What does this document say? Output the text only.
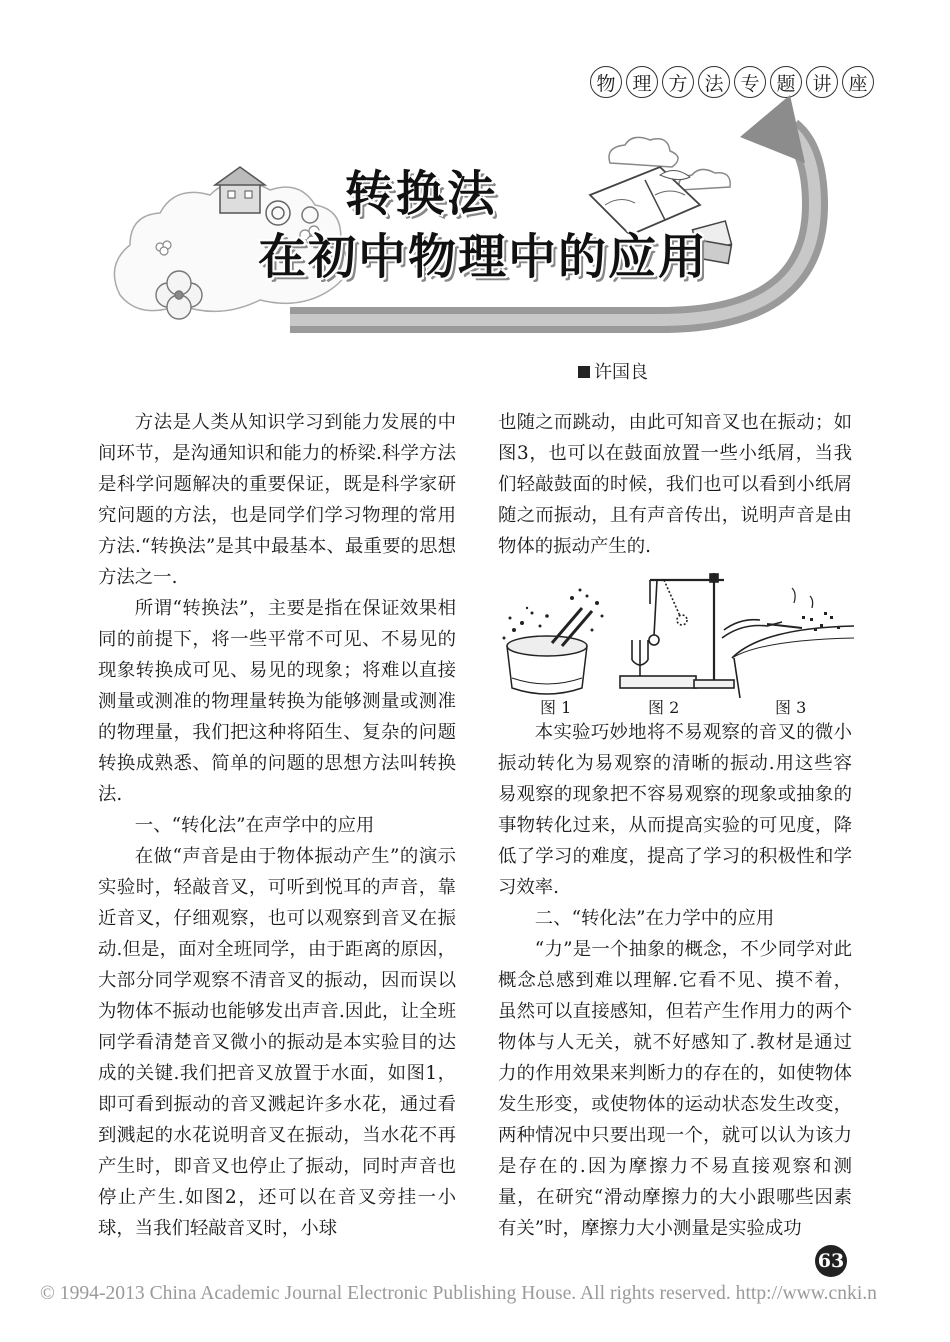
物 理 方 法 专 题 讲 座
转换法
在初中物理中的应用
许国良

方法是人类从知识学习到能力发展的中间环节，是沟通知识和能力的桥梁.科学方法是科学问题解决的重要保证，既是科学家研究问题的方法，也是同学们学习物理的常用方法.“转换法”是其中最基本、最重要的思想方法之一.

所谓“转换法”，主要是指在保证效果相同的前提下，将一些平常不可见、不易见的现象转换成可见、易见的现象；将难以直接测量或测准的物理量转换为能够测量或测准的物理量，我们把这种将陌生、复杂的问题转换成熟悉、简单的问题的思想方法叫转换法.

一、“转化法”在声学中的应用

在做“声音是由于物体振动产生”的演示实验时，轻敲音叉，可听到悦耳的声音，靠近音叉，仔细观察，也可以观察到音叉在振动.但是，面对全班同学，由于距离的原因，大部分同学观察不清音叉的振动，因而误以为物体不振动也能够发出声音.因此，让全班同学看清楚音叉微小的振动是本实验目的达成的关键.我们把音叉放置于水面，如图1，即可看到振动的音叉溅起许多水花，通过看到溅起的水花说明音叉在振动，当水花不再产生时，即音叉也停止了振动，同时声音也停止产生.如图2，还可以在音叉旁挂一小球，当我们轻敲音叉时，小球

也随之而跳动，由此可知音叉也在振动；如图3，也可以在鼓面放置一些小纸屑，当我们轻敲鼓面的时候，我们也可以看到小纸屑随之而振动，且有声音传出，说明声音是由物体的振动产生的.

图 1	图 2	图 3

本实验巧妙地将不易观察的音叉的微小振动转化为易观察的清晰的振动.用这些容易观察的现象把不容易观察的现象或抽象的事物转化过来，从而提高实验的可见度，降低了学习的难度，提高了学习的积极性和学习效率.

二、“转化法”在力学中的应用

“力”是一个抽象的概念，不少同学对此概念总感到难以理解.它看不见、摸不着，虽然可以直接感知，但若产生作用力的两个物体与人无关，就不好感知了.教材是通过力的作用效果来判断力的存在的，如使物体发生形变，或使物体的运动状态发生改变，两种情况中只要出现一个，就可以认为该力是存在的.因为摩擦力不易直接观察和测量，在研究“滑动摩擦力的大小跟哪些因素有关”时，摩擦力大小测量是实验成功

63
© 1994-2013 China Academic Journal Electronic Publishing House. All rights reserved. http://www.cnki.n
